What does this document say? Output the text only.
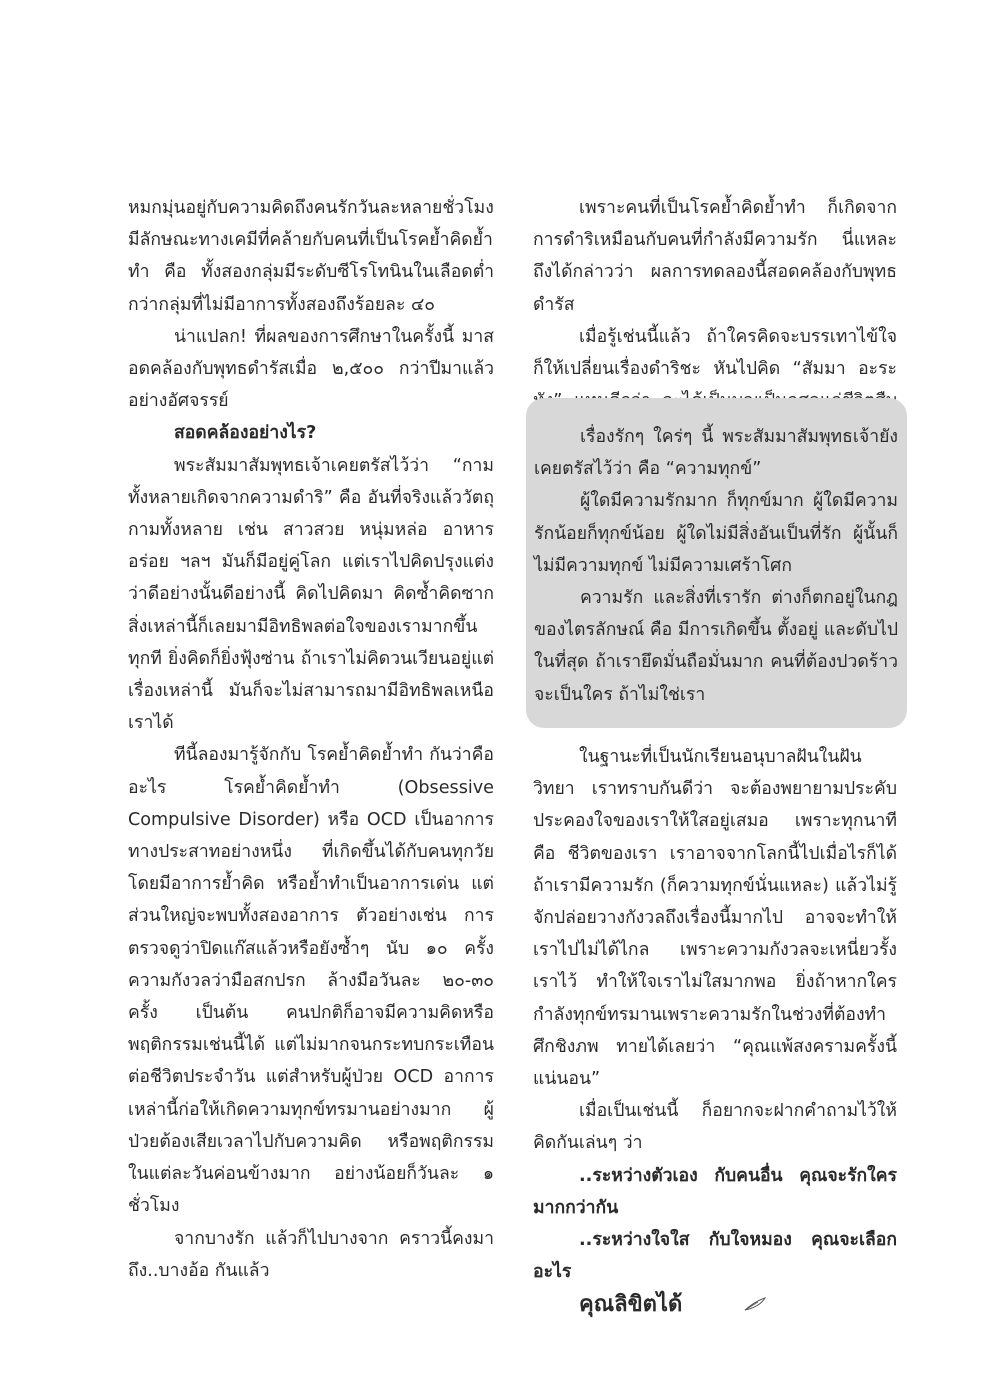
หมกมุ่นอยู่กับความคิดถึงคนรักวันละหลายชั่วโมง มีลักษณะทางเคมีที่คล้ายกับคนที่เป็นโรคย้ำคิดย้ำทำ คือ ทั้งสองกลุ่มมีระดับซีโรโทนินในเลือดต่ำกว่ากลุ่มที่ไม่มีอาการทั้งสองถึงร้อยละ ๔๐

น่าแปลก! ที่ผลของการศึกษาในครั้งนี้ มาสอดคล้องกับพุทธดำรัสเมื่อ ๒,๕๐๐ กว่าปีมาแล้วอย่างอัศจรรย์

สอดคล้องอย่างไร?

พระสัมมาสัมพุทธเจ้าเคยตรัสไว้ว่า “กามทั้งหลายเกิดจากความดำริ” คือ อันที่จริงแล้ววัตถุกามทั้งหลาย เช่น สาวสวย หนุ่มหล่อ อาหารอร่อย ฯลฯ มันก็มีอยู่คู่โลก แต่เราไปคิดปรุงแต่งว่าดีอย่างนั้นดีอย่างนี้ คิดไปคิดมา คิดซ้ำคิดซากสิ่งเหล่านี้ก็เลยมามีอิทธิพลต่อใจของเรามากขึ้นทุกที ยิ่งคิดก็ยิ่งฟุ้งซ่าน ถ้าเราไม่คิดวนเวียนอยู่แต่เรื่องเหล่านี้ มันก็จะไม่สามารถมามีอิทธิพลเหนือเราได้

ทีนี้ลองมารู้จักกับ โรคย้ำคิดย้ำทำ กันว่าคืออะไร โรคย้ำคิดย้ำทำ (Obsessive Compulsive Disorder) หรือ OCD เป็นอาการทางประสาทอย่างหนึ่ง ที่เกิดขึ้นได้กับคนทุกวัย โดยมีอาการย้ำคิด หรือย้ำทำเป็นอาการเด่น แต่ส่วนใหญ่จะพบทั้งสองอาการ ตัวอย่างเช่น การตรวจดูว่าปิดแก๊สแล้วหรือยังซ้ำๆ นับ ๑๐ ครั้ง ความกังวลว่ามือสกปรก ล้างมือวันละ ๒๐-๓๐ ครั้ง เป็นต้น คนปกติก็อาจมีความคิดหรือพฤติกรรมเช่นนี้ได้ แต่ไม่มากจนกระทบกระเทือนต่อชีวิตประจำวัน แต่สำหรับผู้ป่วย OCD อาการเหล่านี้ก่อให้เกิดความทุกข์ทรมานอย่างมาก ผู้ป่วยต้องเสียเวลาไปกับความคิด หรือพฤติกรรมในแต่ละวันค่อนข้างมาก อย่างน้อยก็วันละ ๑ ชั่วโมง

จากบางรัก แล้วก็ไปบางจาก คราวนี้คงมาถึง..บางอ้อ กันแล้ว

เพราะคนที่เป็นโรคย้ำคิดย้ำทำ ก็เกิดจากการดำริเหมือนกับคนที่กำลังมีความรัก นี่แหละถึงได้กล่าวว่า ผลการทดลองนี้สอดคล้องกับพุทธดำรัส

เมื่อรู้เช่นนี้แล้ว ถ้าใครคิดจะบรรเทาไข้ใจก็ให้เปลี่ยนเรื่องดำริชะ หันไปคิด “สัมมา อะระ

เรื่องรักๆ ใคร่ๆ นี้ พระสัมมาสัมพุทธเจ้ายังเคยตรัสไว้ว่า คือ “ความทุกข์”

ผู้ใดมีความรักมาก ก็ทุกข์มาก ผู้ใดมีความรักน้อยก็ทุกข์น้อย ผู้ใดไม่มีสิ่งอันเป็นที่รัก ผู้นั้นก็ไม่มีความทุกข์ ไม่มีความเศร้าโศก

ความรัก และสิ่งที่เรารัก ต่างก็ตกอยู่ในกฎของไตรลักษณ์ คือ มีการเกิดขึ้น ตั้งอยู่ และดับไปในที่สุด ถ้าเรายึดมั่นถือมั่นมาก คนที่ต้องปวดร้าวจะเป็นใคร ถ้าไม่ใช่เรา

ในฐานะที่เป็นนักเรียนอนุบาลฝันในฝันวิทยา เราทราบกันดีว่า จะต้องพยายามประคับประคองใจของเราให้ใสอยู่เสมอ เพราะทุกนาที คือ ชีวิตของเรา เราอาจจากโลกนี้ไปเมื่อไรก็ได้ ถ้าเรามีความรัก (ก็ความทุกข์นั่นแหละ) แล้วไม่รู้จักปล่อยวางกังวลถึงเรื่องนี้มากไป อาจจะทำให้เราไปไม่ได้ไกล เพราะความกังวลจะเหนี่ยวรั้งเราไว้ ทำให้ใจเราไม่ใสมากพอ ยิ่งถ้าหากใครกำลังทุกข์ทรมานเพราะความรักในช่วงที่ต้องทำศึกชิงภพ ทายได้เลยว่า “คุณแพ้สงครามครั้งนี้แน่นอน”

เมื่อเป็นเช่นนี้ ก็อยากจะฝากคำถามไว้ให้คิดกันเล่นๆ ว่า

..ระหว่างตัวเอง กับคนอื่น คุณจะรักใครมากกว่ากัน

..ระหว่างใจใส กับใจหมอง คุณจะเลือกอะไร

คุณลิขิตได้
